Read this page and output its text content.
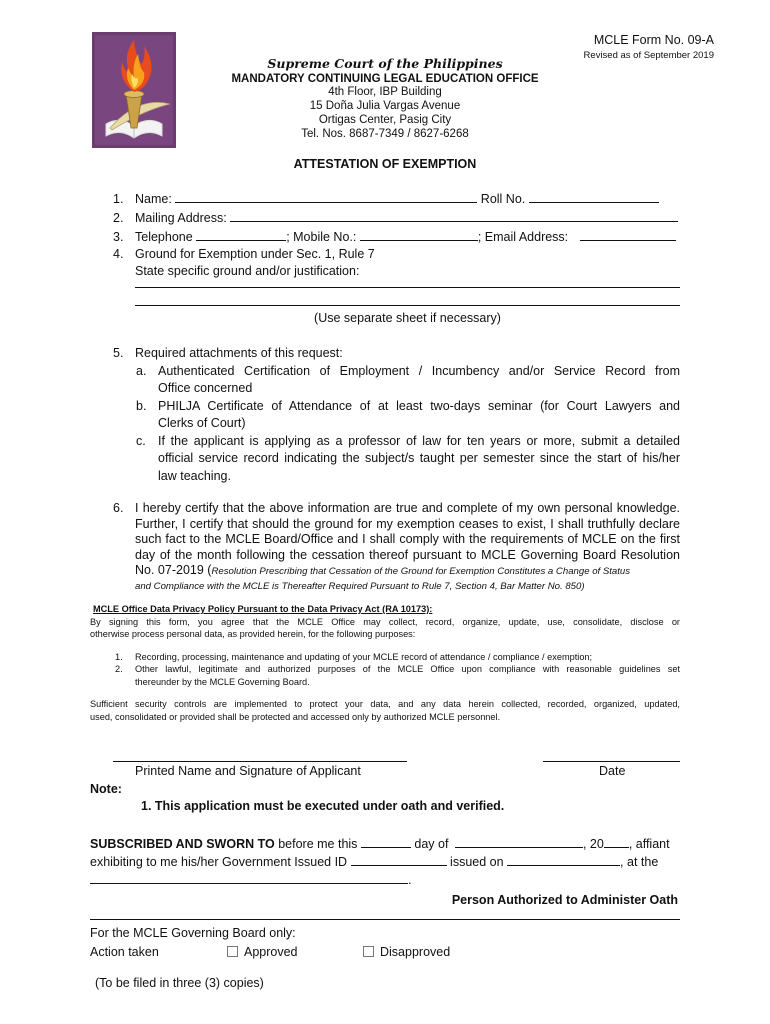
MCLE Form No. 09-A
Revised as of September 2019
Supreme Court of the Philippines
MANDATORY CONTINUING LEGAL EDUCATION OFFICE
4th Floor, IBP Building
15 Doña Julia Vargas Avenue
Ortigas Center, Pasig City
Tel. Nos. 8687-7349 / 8627-6268
ATTESTATION OF EXEMPTION
1. Name:	Roll No.
2. Mailing Address:
3. Telephone	; Mobile No.:	; Email Address:
4. Ground for Exemption under Sec. 1, Rule 7
State specific ground and/or justification:
(Use separate sheet if necessary)
5. Required attachments of this request:
a. Authenticated Certification of Employment / Incumbency and/or Service Record from
Office concerned
b. PHILJA Certificate of Attendance of at least two-days seminar (for Court Lawyers and
Clerks of Court)
c. If the applicant is applying as a professor of law for ten years or more, submit a detailed
official service record indicating the subject/s taught per semester since the start of his/her
law teaching.
6. I hereby certify that the above information are true and complete of my own personal knowledge.
Further, I certify that should the ground for my exemption ceases to exist, I shall truthfully declare
such fact to the MCLE Board/Office and I shall comply with the requirements of MCLE on the first
day of the month following the cessation thereof pursuant to MCLE Governing Board Resolution
No. 07-2019 (Resolution Prescribing that Cessation of the Ground for Exemption Constitutes a Change of Status
and Compliance with the MCLE is Thereafter Required Pursuant to Rule 7, Section 4, Bar Matter No. 850)
MCLE Office Data Privacy Policy Pursuant to the Data Privacy Act (RA 10173):
By signing this form, you agree that the MCLE Office may collect, record, organize, update, use, consolidate, disclose or
otherwise process personal data, as provided herein, for the following purposes:
1. Recording, processing, maintenance and updating of your MCLE record of attendance / compliance / exemption;
2. Other lawful, legitimate and authorized purposes of the MCLE Office upon compliance with reasonable guidelines set
thereunder by the MCLE Governing Board.
Sufficient security controls are implemented to protect your data, and any data herein collected, recorded, organized, updated,
used, consolidated or provided shall be protected and accessed only by authorized MCLE personnel.
Printed Name and Signature of Applicant	Date
Note:
1. This application must be executed under oath and verified.
SUBSCRIBED AND SWORN TO before me this	day of	, 20 , affiant
exhibiting to me his/her Government Issued ID	issued on	, at the
.
Person Authorized to Administer Oath
For the MCLE Governing Board only:
Action taken	Approved	Disapproved
(To be filed in three (3) copies)
